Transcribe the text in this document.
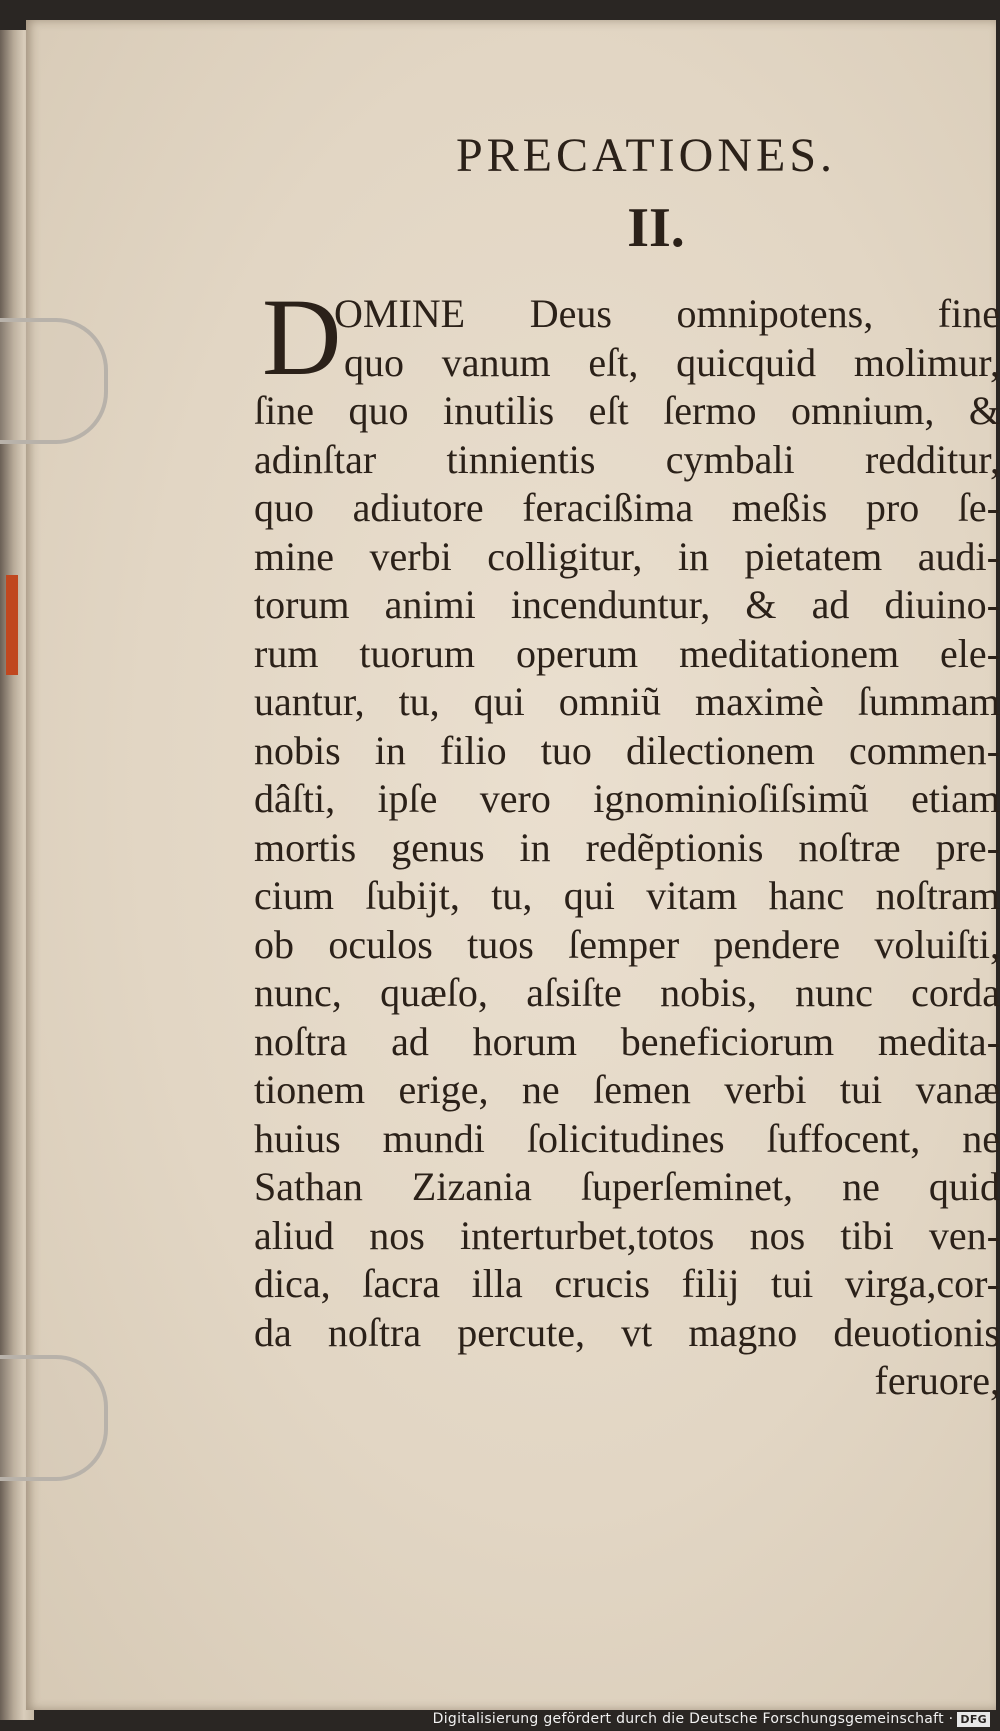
PRECATIONES.
II.
D
OMINE Deus omnipotens, fine
quo vanum eſt, quicquid molimur,
ſine quo inutilis eſt ſermo omnium, &
adinſtar tinnientis cymbali redditur,
quo adiutore feracißima meßis pro ſe-
mine verbi colligitur, in pietatem audi-
torum animi incenduntur, & ad diuino-
rum tuorum operum meditationem ele-
uantur, tu, qui omniũ maximè ſummam
nobis in filio tuo dilectionem commen-
dâſti, ipſe vero ignominioſiſsimũ etiam
mortis genus in redẽptionis noſtræ pre-
cium ſubijt, tu, qui vitam hanc noſtram
ob oculos tuos ſemper pendere voluiſti,
nunc, quæſo, aſsiſte nobis, nunc corda
noſtra ad horum beneficiorum medita-
tionem erige, ne ſemen verbi tui vanæ
huius mundi ſolicitudines ſuffocent, ne
Sathan Zizania ſuperſeminet, ne quid
aliud nos interturbet,totos nos tibi ven-
dica, ſacra illa crucis filij tui virga,cor-
da noſtra percute, vt magno deuotionis
feruore,
Digitalisierung gefördert durch die Deutsche Forschungsgemeinschaft · DFG
